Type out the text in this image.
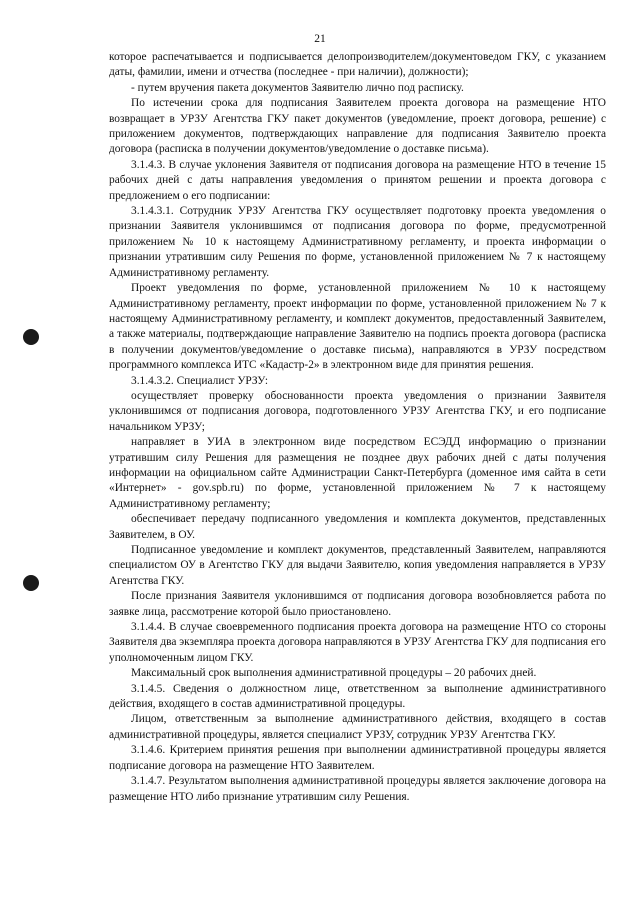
21

которое распечатывается и подписывается делопроизводителем/документоведом ГКУ, с указанием даты, фамилии, имени и отчества (последнее - при наличии), должности);

- путем вручения пакета документов Заявителю лично под расписку.

По истечении срока для подписания Заявителем проекта договора на размещение НТО возвращает в УРЗУ Агентства ГКУ пакет документов (уведомление, проект договора, решение) с приложением документов, подтверждающих направление для подписания Заявителю проекта договора (расписка в получении документов/уведомление о доставке письма).

3.1.4.3. В случае уклонения Заявителя от подписания договора на размещение НТО в течение 15 рабочих дней с даты направления уведомления о принятом решении и проекта договора с предложением о его подписании:

3.1.4.3.1. Сотрудник УРЗУ Агентства ГКУ осуществляет подготовку проекта уведомления о признании Заявителя уклонившимся от подписания договора по форме, предусмотренной приложением № 10 к настоящему Административному регламенту, и проекта информации о признании утратившим силу Решения по форме, установленной приложением № 7 к настоящему Административному регламенту.

Проект уведомления по форме, установленной приложением № 10 к настоящему Административному регламенту, проект информации по форме, установленной приложением № 7 к настоящему Административному регламенту, и комплект документов, предоставленный Заявителем, а также материалы, подтверждающие направление Заявителю на подпись проекта договора (расписка в получении документов/уведомление о доставке письма), направляются в УРЗУ посредством программного комплекса ИТС «Кадастр-2» в электронном виде для принятия решения.

3.1.4.3.2. Специалист УРЗУ:

осуществляет проверку обоснованности проекта уведомления о признании Заявителя уклонившимся от подписания договора, подготовленного УРЗУ Агентства ГКУ, и его подписание начальником УРЗУ;

направляет в УИА в электронном виде посредством ЕСЭДД информацию о признании утратившим силу Решения для размещения не позднее двух рабочих дней с даты получения информации на официальном сайте Администрации Санкт-Петербурга (доменное имя сайта в сети «Интернет» - gov.spb.ru) по форме, установленной приложением № 7 к настоящему Административному регламенту;

обеспечивает передачу подписанного уведомления и комплекта документов, представленных Заявителем, в ОУ.

Подписанное уведомление и комплект документов, представленный Заявителем, направляются специалистом ОУ в Агентство ГКУ для выдачи Заявителю, копия уведомления направляется в УРЗУ Агентства ГКУ.

После признания Заявителя уклонившимся от подписания договора возобновляется работа по заявке лица, рассмотрение которой было приостановлено.

3.1.4.4. В случае своевременного подписания проекта договора на размещение НТО со стороны Заявителя два экземпляра проекта договора направляются в УРЗУ Агентства ГКУ для подписания его уполномоченным лицом ГКУ.

Максимальный срок выполнения административной процедуры – 20 рабочих дней.

3.1.4.5. Сведения о должностном лице, ответственном за выполнение административного действия, входящего в состав административной процедуры.

Лицом, ответственным за выполнение административного действия, входящего в состав административной процедуры, является специалист УРЗУ, сотрудник УРЗУ Агентства ГКУ.

3.1.4.6. Критерием принятия решения при выполнении административной процедуры является подписание договора на размещение НТО Заявителем.

3.1.4.7. Результатом выполнения административной процедуры является заключение договора на размещение НТО либо признание утратившим силу Решения.
